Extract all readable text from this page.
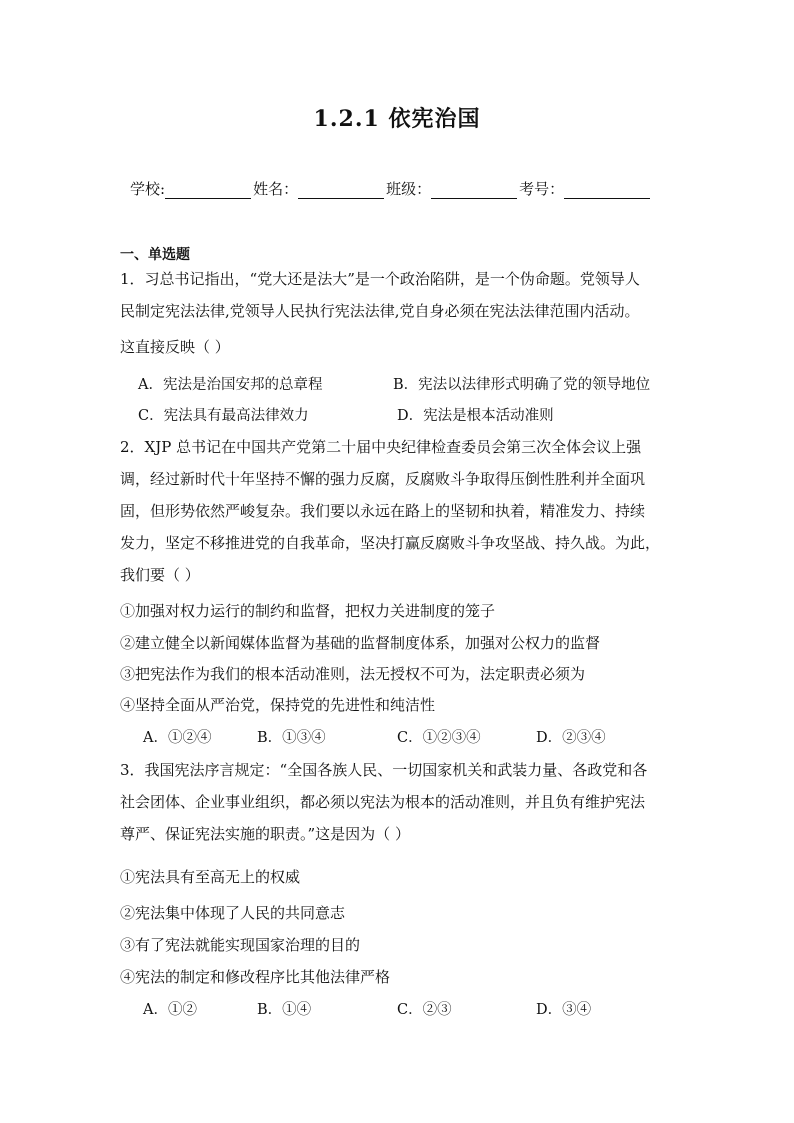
1.2.1 依宪治国
学校:	姓名：	班级：	考号：
一、单选题
1．习总书记指出，“党大还是法大”是一个政治陷阱，是一个伪命题。党领导人
民制定宪法法律,党领导人民执行宪法法律,党自身必须在宪法法律范围内活动。
这直接反映（ ）
A．宪法是治国安邦的总章程	B．宪法以法律形式明确了党的领导地位
C．宪法具有最高法律效力	D．宪法是根本活动准则
2．XJP 总书记在中国共产党第二十届中央纪律检查委员会第三次全体会议上强
调，经过新时代十年坚持不懈的强力反腐，反腐败斗争取得压倒性胜利并全面巩
固，但形势依然严峻复杂。我们要以永远在路上的坚韧和执着，精准发力、持续
发力，坚定不移推进党的自我革命，坚决打赢反腐败斗争攻坚战、持久战。为此，
我们要（ ）
①加强对权力运行的制约和监督，把权力关进制度的笼子
②建立健全以新闻媒体监督为基础的监督制度体系，加强对公权力的监督
③把宪法作为我们的根本活动准则，法无授权不可为，法定职责必须为
④坚持全面从严治党，保持党的先进性和纯洁性
A．①②④	B．①③④	C．①②③④	D．②③④
3．我国宪法序言规定：“全国各族人民、一切国家机关和武装力量、各政党和各
社会团体、企业事业组织，都必须以宪法为根本的活动准则，并且负有维护宪法
尊严、保证宪法实施的职责。”这是因为（ ）
①宪法具有至高无上的权威
②宪法集中体现了人民的共同意志
③有了宪法就能实现国家治理的目的
④宪法的制定和修改程序比其他法律严格
A．①②	B．①④	C．②③	D．③④
